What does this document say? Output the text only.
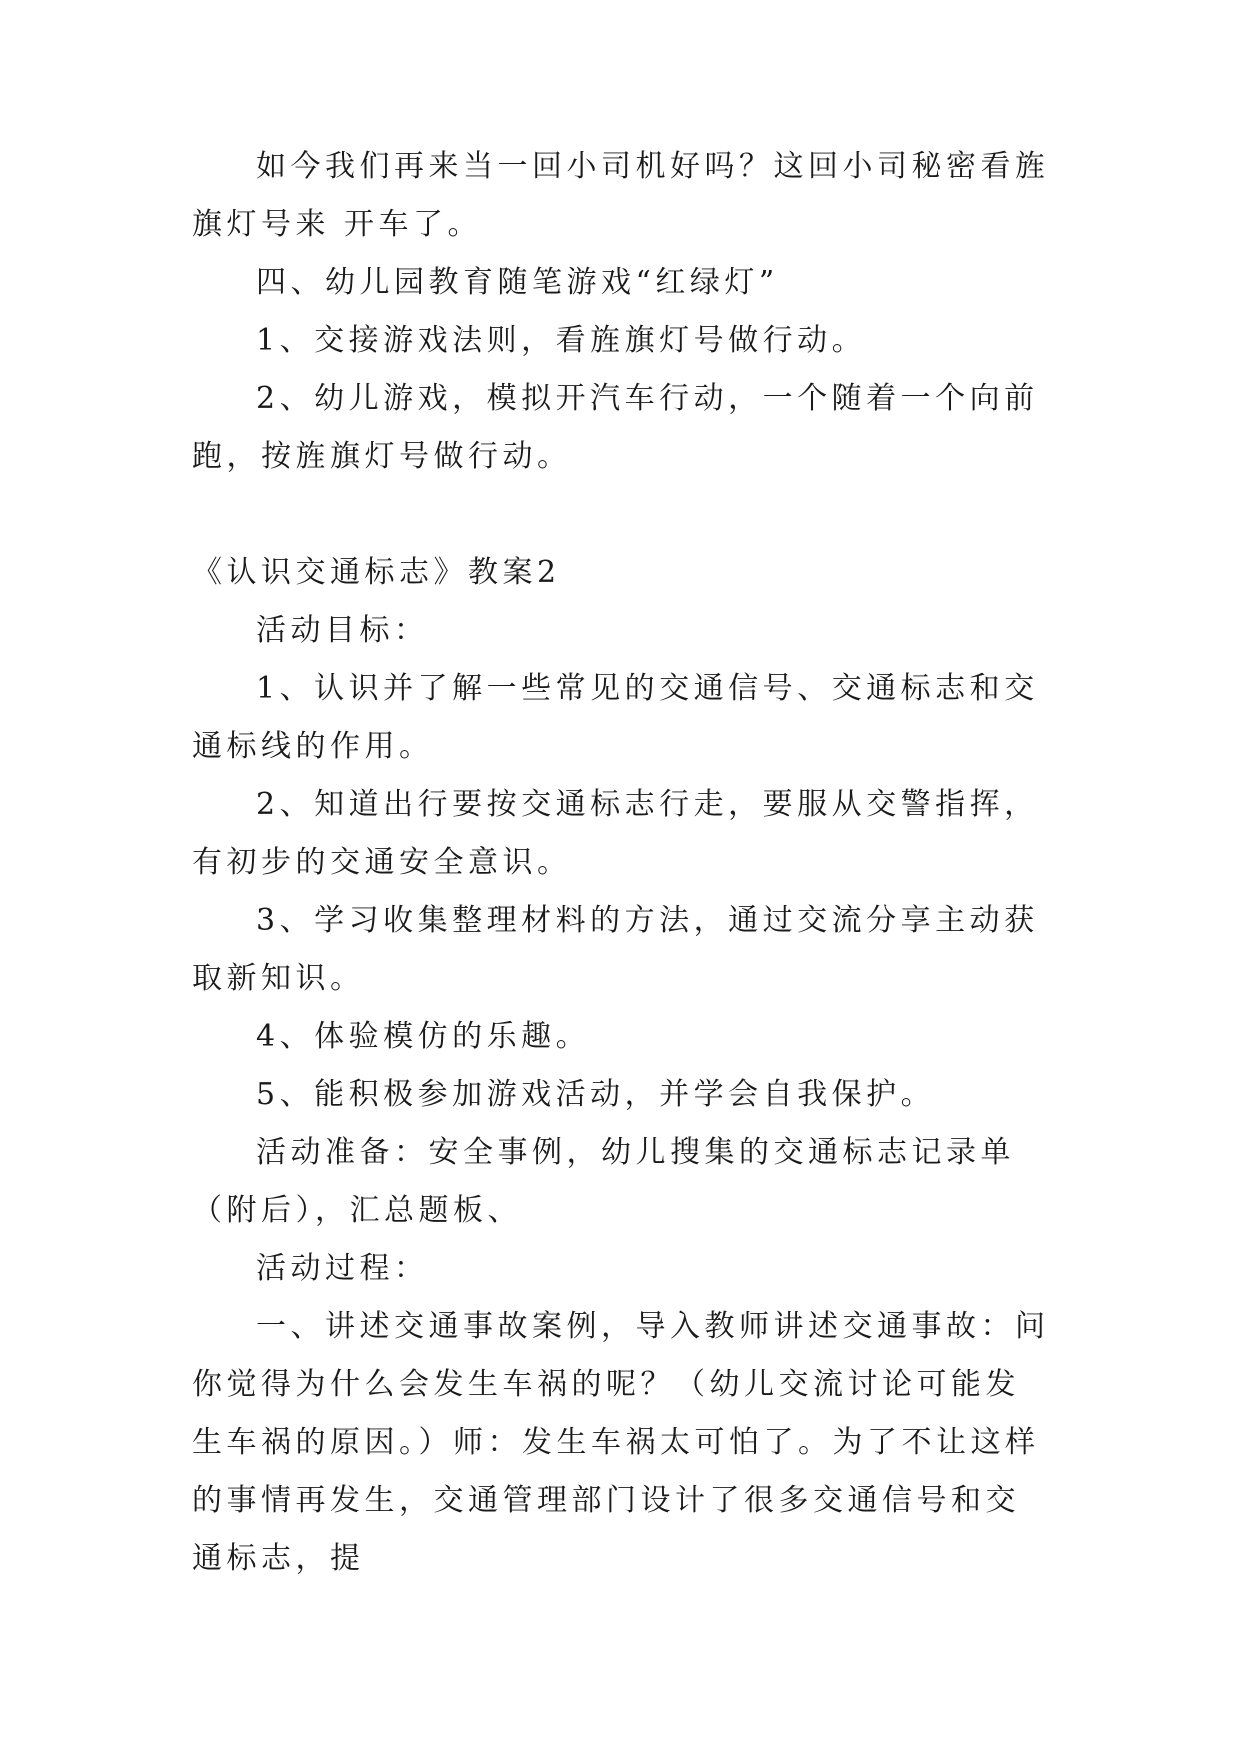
如今我们再来当一回小司机好吗？这回小司秘密看旌旗灯号来 开车了。

四、幼儿园教育随笔游戏“红绿灯”

1、交接游戏法则，看旌旗灯号做行动。

2、幼儿游戏，模拟开汽车行动，一个随着一个向前跑，按旌旗灯号做行动。

《认识交通标志》教案2

活动目标：

1、认识并了解一些常见的交通信号、交通标志和交通标线的作用。

2、知道出行要按交通标志行走，要服从交警指挥，有初步的交通安全意识。

3、学习收集整理材料的方法，通过交流分享主动获取新知识。

4、体验模仿的乐趣。

5、能积极参加游戏活动，并学会自我保护。

活动准备：安全事例，幼儿搜集的交通标志记录单（附后），汇总题板、

活动过程：

一、讲述交通事故案例，导入教师讲述交通事故：问你觉得为什么会发生车祸的呢？（幼儿交流讨论可能发生车祸的原因。）师：发生车祸太可怕了。为了不让这样的事情再发生，交通管理部门设计了很多交通信号和交通标志，提
